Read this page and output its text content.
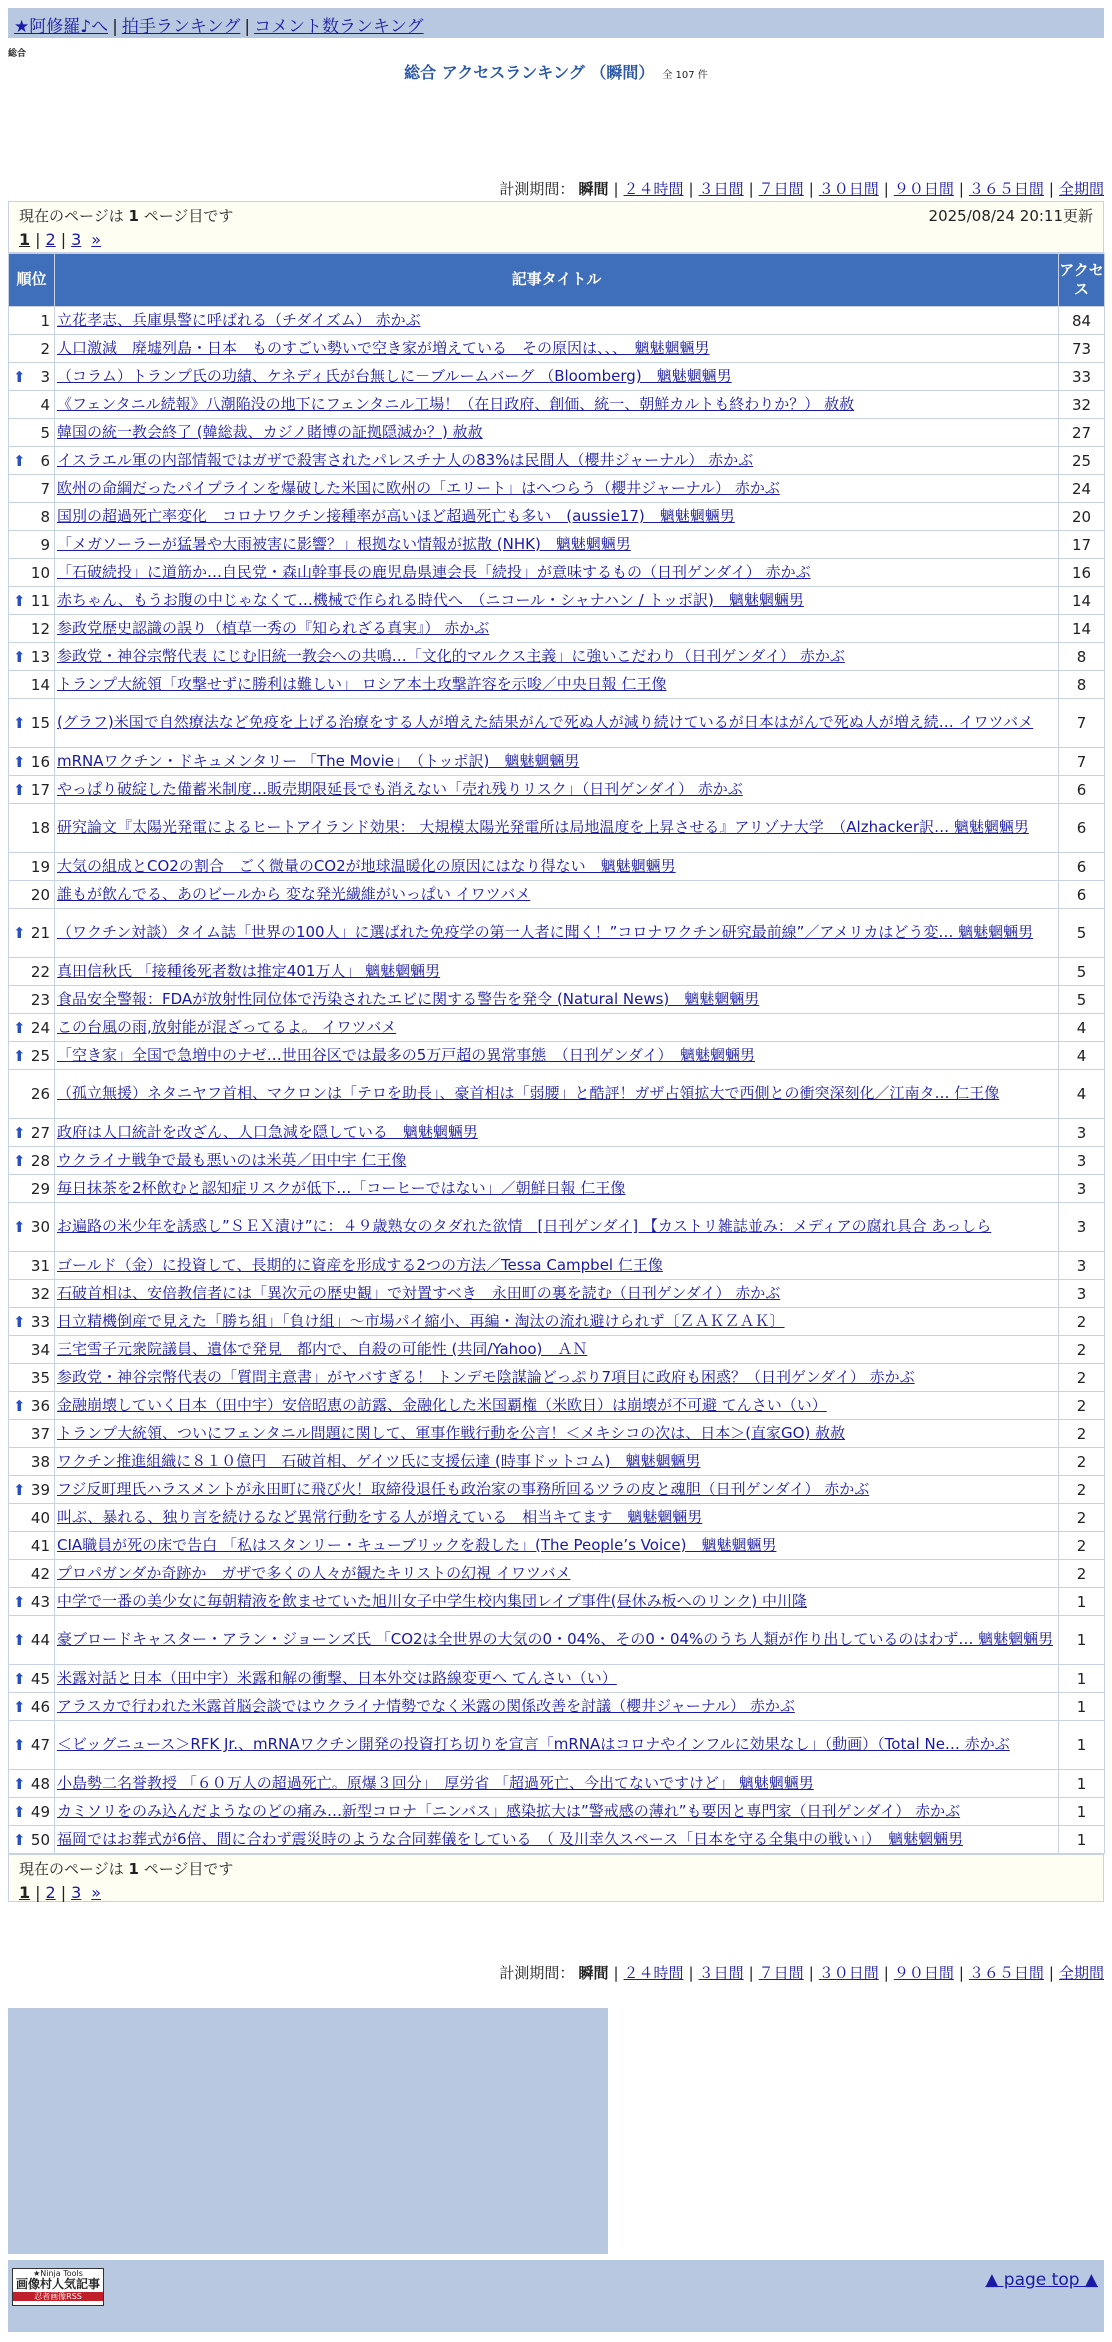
★阿修羅♪へ | 拍手ランキング | コメント数ランキング
総合
総合 アクセスランキング （瞬間） 全 107 件
計測期間： 瞬間 | ２４時間 | ３日間 | ７日間 | ３０日間 | ９０日間 | ３６５日間 | 全期間
現在のページは 1 ページ目です	2025/08/24 20:11更新
1 | 2 | 3 »
順位	記事タイトル	アクセス
1	立花孝志、兵庫県警に呼ばれる（チダイズム） 赤かぶ	84
2	人口激減　廃墟列島・日本　ものすごい勢いで空き家が増えている　その原因は、、、　魑魅魍魎男	73

⬆ 3	（コラム）トランプ氏の功績、ケネディ氏が台無しに－ブルームバーグ （Bloomberg)　魑魅魍魎男	33
4	《フェンタニル続報》八潮陥没の地下にフェンタニル工場！（在日政府、創価、統一、朝鮮カルトも終わりか？） 赦赦	32
5	韓国の統一教会終了 (韓総裁、カジノ賭博の証拠隠滅か？) 赦赦	27

⬆ 6	イスラエル軍の内部情報ではガザで殺害されたパレスチナ人の83%は民間人（櫻井ジャーナル） 赤かぶ	25
7	欧州の命綱だったパイプラインを爆破した米国に欧州の「エリート」はへつらう（櫻井ジャーナル） 赤かぶ	24
8	国別の超過死亡率変化　コロナワクチン接種率が高いほど超過死亡も多い　(aussie17)　魑魅魍魎男	20
9	「メガソーラーが猛暑や大雨被害に影響？」根拠ない情報が拡散 (NHK)　魑魅魍魎男	17
10	「石破続投」に道筋か…自民党・森山幹事長の鹿児島県連会長「続投」が意味するもの（日刊ゲンダイ） 赤かぶ	16

⬆ 11	赤ちゃん、もうお腹の中じゃなくて…機械で作られる時代へ　（ニコール・シャナハン / トッポ訳)　魑魅魍魎男	14
12	参政党歴史認識の誤り（植草一秀の『知られざる真実』） 赤かぶ	14

⬆ 13	参政党・神谷宗幣代表 にじむ旧統一教会への共鳴…「文化的マルクス主義」に強いこだわり（日刊ゲンダイ） 赤かぶ	8
14	トランプ大統領「攻撃せずに勝利は難しい」 ロシア本土攻撃許容を示唆／中央日報 仁王像	8

⬆ 15	(グラフ)米国で自然療法など免疫を上げる治療をする人が増えた結果がんで死ぬ人が減り続けているが日本はがんで死ぬ人が増え続… イワツバメ	7

⬆ 16	mRNAワクチン・ドキュメンタリー 「The Movie」　（トッポ訳)　魑魅魍魎男	7

⬆ 17	やっぱり破綻した備蓄米制度…販売期限延長でも消えない「売れ残りリスク」（日刊ゲンダイ） 赤かぶ	6
18	研究論文『太陽光発電によるヒートアイランド効果： 大規模太陽光発電所は局地温度を上昇させる』アリゾナ大学　（Alzhacker訳… 魑魅魍魎男	6
19	大気の組成とCO2の割合　ごく微量のCO2が地球温暖化の原因にはなり得ない　魑魅魍魎男	6
20	誰もが飲んでる、あのビールから 変な発光繊維がいっぱい イワツバメ	6

⬆ 21	（ワクチン対談）タイム誌「世界の100人」に選ばれた免疫学の第一人者に聞く！”コロナワクチン研究最前線”／アメリカはどう変… 魑魅魍魎男	5
22	真田信秋氏 「接種後死者数は推定401万人」 魑魅魍魎男	5
23	食品安全警報：FDAが放射性同位体で汚染されたエビに関する警告を発令 (Natural News)　魑魅魍魎男	5

⬆ 24	この台風の雨,放射能が混ざってるよ。 イワツバメ	4

⬆ 25	「空き家」全国で急増中のナゼ…世田谷区では最多の5万戸超の異常事態　（日刊ゲンダイ）　魑魅魍魎男	4
26	（孤立無援）ネタニヤフ首相、マクロンは「テロを助長」、豪首相は「弱腰」と酷評！ガザ占領拡大で西側との衝突深刻化／江南タ… 仁王像	4

⬆ 27	政府は人口統計を改ざん、人口急減を隠している　魑魅魍魎男	3

⬆ 28	ウクライナ戦争で最も悪いのは米英／田中宇 仁王像	3
29	毎日抹茶を2杯飲むと認知症リスクが低下…「コーヒーではない」／朝鮮日報 仁王像	3

⬆ 30	お遍路の米少年を誘惑し”ＳＥＸ漬け”に：４９歳熟女のタダれた欲情　[日刊ゲンダイ] 【カストリ雑誌並み：メディアの腐れ具合 あっしら	3
31	ゴールド（金）に投資して、長期的に資産を形成する2つの方法／Tessa Campbel 仁王像	3
32	石破首相は、安倍教信者には「異次元の歴史観」で対置すべき　永田町の裏を読む（日刊ゲンダイ） 赤かぶ	3

⬆ 33	日立精機倒産で見えた「勝ち組」「負け組」～市場パイ縮小、再編・淘汰の流れ避けられず〔ＺＡＫＺＡＫ〕	2
34	三宅雪子元衆院議員、遺体で発見　都内で、自殺の可能性 (共同/Yahoo)　ＡＮ	2
35	参政党・神谷宗幣代表の「質問主意書」がヤバすぎる！ トンデモ陰謀論どっぷり7項目に政府も困惑？（日刊ゲンダイ） 赤かぶ	2

⬆ 36	金融崩壊していく日本（田中宇）安倍昭恵の訪露、金融化した米国覇権（米欧日）は崩壊が不可避 てんさい（い）	2
37	トランプ大統領、ついにフェンタニル問題に関して、軍事作戦行動を公言！＜メキシコの次は、日本＞(直家GO) 赦赦	2
38	ワクチン推進組織に８１０億円　石破首相、ゲイツ氏に支援伝達 (時事ドットコム)　魑魅魍魎男	2

⬆ 39	フジ反町理氏ハラスメントが永田町に飛び火！取締役退任も政治家の事務所回るツラの皮と魂胆（日刊ゲンダイ） 赤かぶ	2
40	叫ぶ、暴れる、独り言を続けるなど異常行動をする人が増えている　相当キてます　魑魅魍魎男	2
41	CIA職員が死の床で告白 「私はスタンリー・キューブリックを殺した」(The People’s Voice)　魑魅魍魎男	2
42	プロパガンダか奇跡か　ガザで多くの人々が観たキリストの幻視 イワツバメ	2

⬆ 43	中学で一番の美少女に毎朝精液を飲ませていた旭川女子中学生校内集団レイプ事件(昼休み板へのリンク) 中川隆	1

⬆ 44	豪ブロードキャスター・アラン・ジョーンズ氏 「CO2は全世界の大気の0・04%、その0・04%のうち人類が作り出しているのはわず… 魑魅魍魎男	1

⬆ 45	米露対話と日本（田中宇）米露和解の衝撃、日本外交は路線変更へ てんさい（い）	1

⬆ 46	アラスカで行われた米露首脳会談ではウクライナ情勢でなく米露の関係改善を討議（櫻井ジャーナル） 赤かぶ	1

⬆ 47	＜ビッグニュース＞RFK Jr.、mRNAワクチン開発の投資打ち切りを宣言「mRNAはコロナやインフルに効果なし」（動画）（Total Ne… 赤かぶ	1

⬆ 48	小島勢二名誉教授 「６０万人の超過死亡。原爆３回分」　厚労省 「超過死亡、今出てないですけど」 魑魅魍魎男	1

⬆ 49	カミソリをのみ込んだようなのどの痛み…新型コロナ「ニンバス」感染拡大は”警戒感の薄れ”も要因と専門家（日刊ゲンダイ） 赤かぶ	1

⬆ 50	福岡ではお葬式が6倍、間に合わず震災時のような合同葬儀をしている　（ 及川幸久スペース「日本を守る全集中の戦い」）　魑魅魍魎男	1
計測期間： 瞬間 | ２４時間 | ３日間 | ７日間 | ３０日間 | ９０日間 | ３６５日間 | 全期間
★Ninja Tools
画像村人気記事
忍者画像RSS
▲ page top ▲
現在のページは 1 ページ目です
1 | 2 | 3 »
